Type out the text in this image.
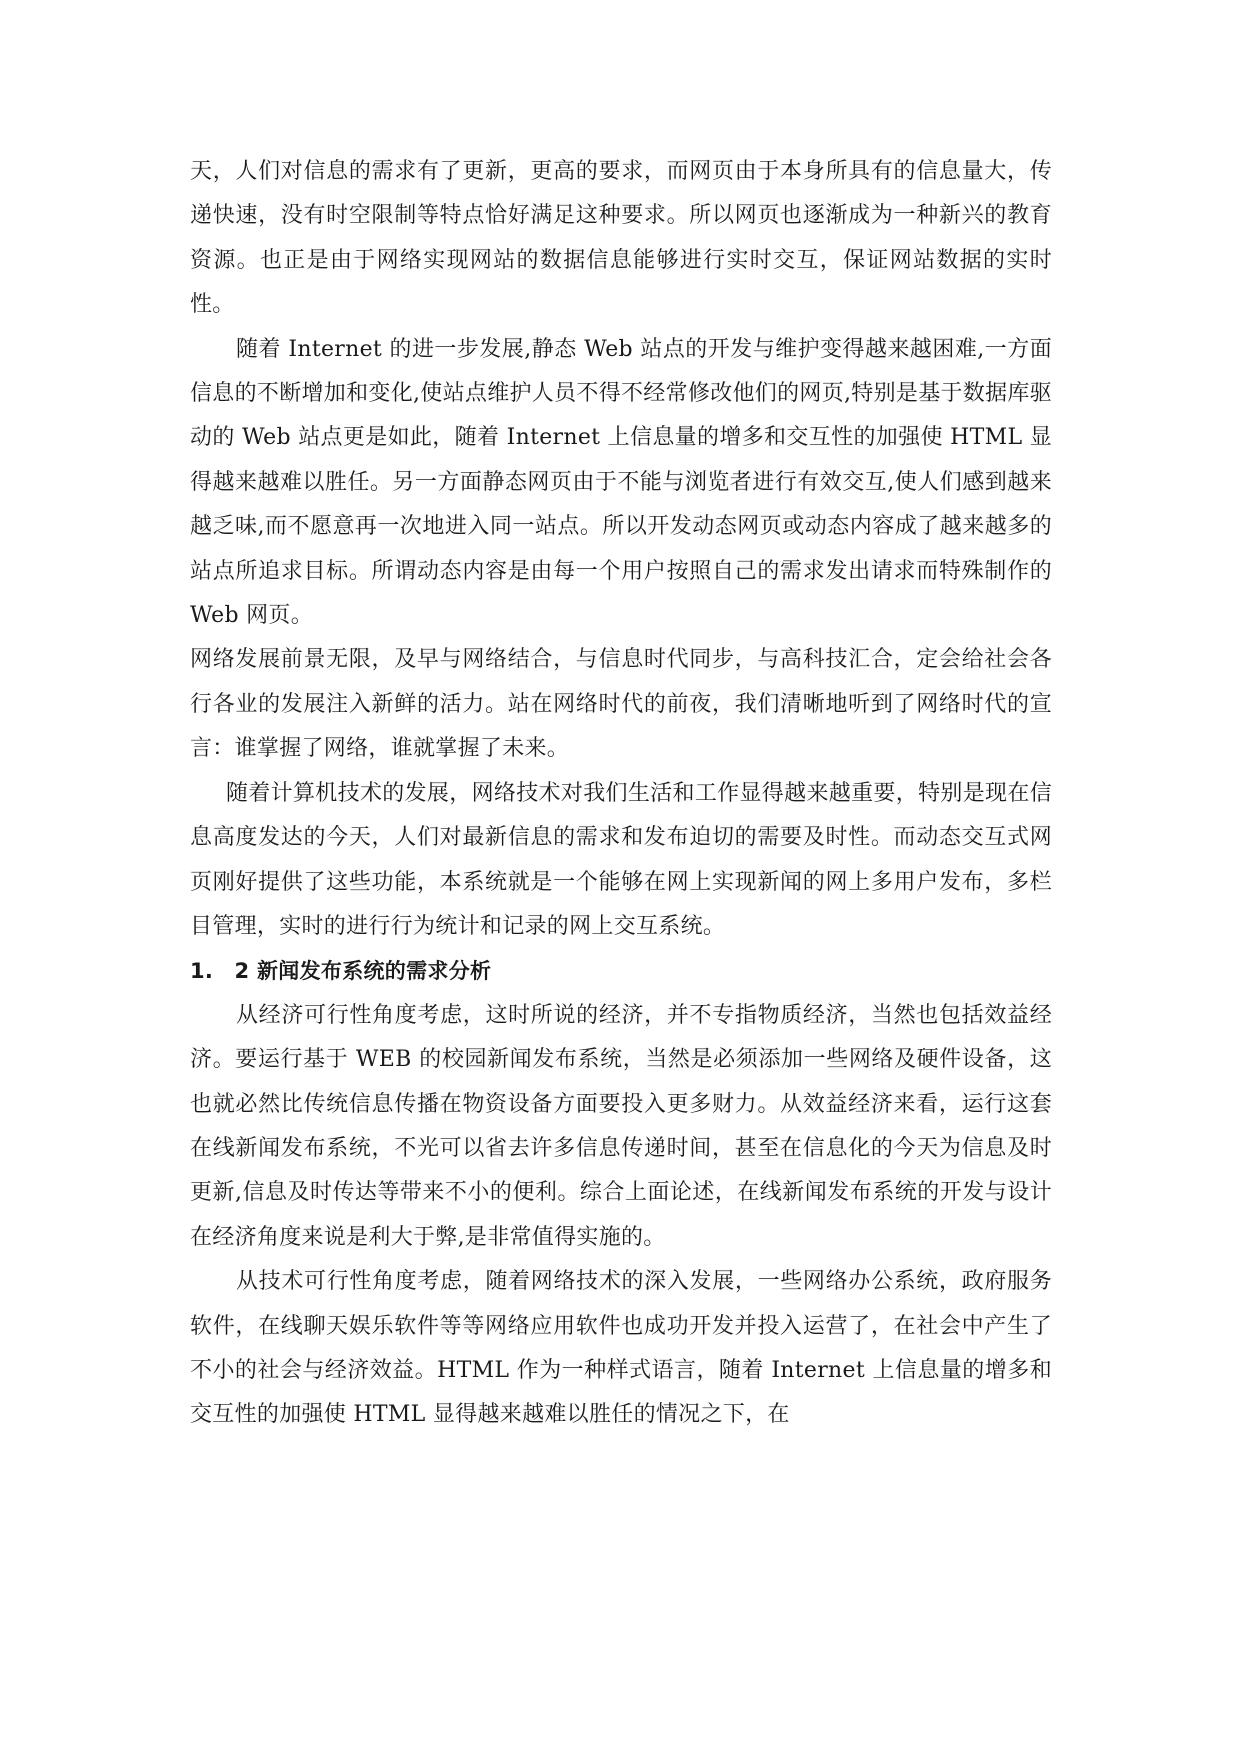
天，人们对信息的需求有了更新，更高的要求，而网页由于本身所具有的信息量大，传递快速，没有时空限制等特点恰好满足这种要求。所以网页也逐渐成为一种新兴的教育资源。也正是由于网络实现网站的数据信息能够进行实时交互，保证网站数据的实时性。

随着 Internet 的进一步发展,静态 Web 站点的开发与维护变得越来越困难,一方面信息的不断增加和变化,使站点维护人员不得不经常修改他们的网页,特别是基于数据库驱动的 Web 站点更是如此，随着 Internet 上信息量的增多和交互性的加强使 HTML 显得越来越难以胜任。另一方面静态网页由于不能与浏览者进行有效交互,使人们感到越来越乏味,而不愿意再一次地进入同一站点。所以开发动态网页或动态内容成了越来越多的站点所追求目标。所谓动态内容是由每一个用户按照自己的需求发出请求而特殊制作的 Web 网页。

网络发展前景无限，及早与网络结合，与信息时代同步，与高科技汇合，定会给社会各行各业的发展注入新鲜的活力。站在网络时代的前夜，我们清晰地听到了网络时代的宣言：谁掌握了网络，谁就掌握了未来。

随着计算机技术的发展，网络技术对我们生活和工作显得越来越重要，特别是现在信息高度发达的今天，人们对最新信息的需求和发布迫切的需要及时性。而动态交互式网页刚好提供了这些功能，本系统就是一个能够在网上实现新闻的网上多用户发布，多栏目管理，实时的进行行为统计和记录的网上交互系统。

1.　2 新闻发布系统的需求分析

从经济可行性角度考虑，这时所说的经济，并不专指物质经济，当然也包括效益经济。要运行基于 WEB 的校园新闻发布系统，当然是必须添加一些网络及硬件设备，这也就必然比传统信息传播在物资设备方面要投入更多财力。从效益经济来看，运行这套在线新闻发布系统，不光可以省去许多信息传递时间，甚至在信息化的今天为信息及时更新,信息及时传达等带来不小的便利。综合上面论述，在线新闻发布系统的开发与设计在经济角度来说是利大于弊,是非常值得实施的。

从技术可行性角度考虑，随着网络技术的深入发展，一些网络办公系统，政府服务软件，在线聊天娱乐软件等等网络应用软件也成功开发并投入运营了，在社会中产生了不小的社会与经济效益。HTML 作为一种样式语言，随着 Internet 上信息量的增多和交互性的加强使 HTML 显得越来越难以胜任的情况之下，在
